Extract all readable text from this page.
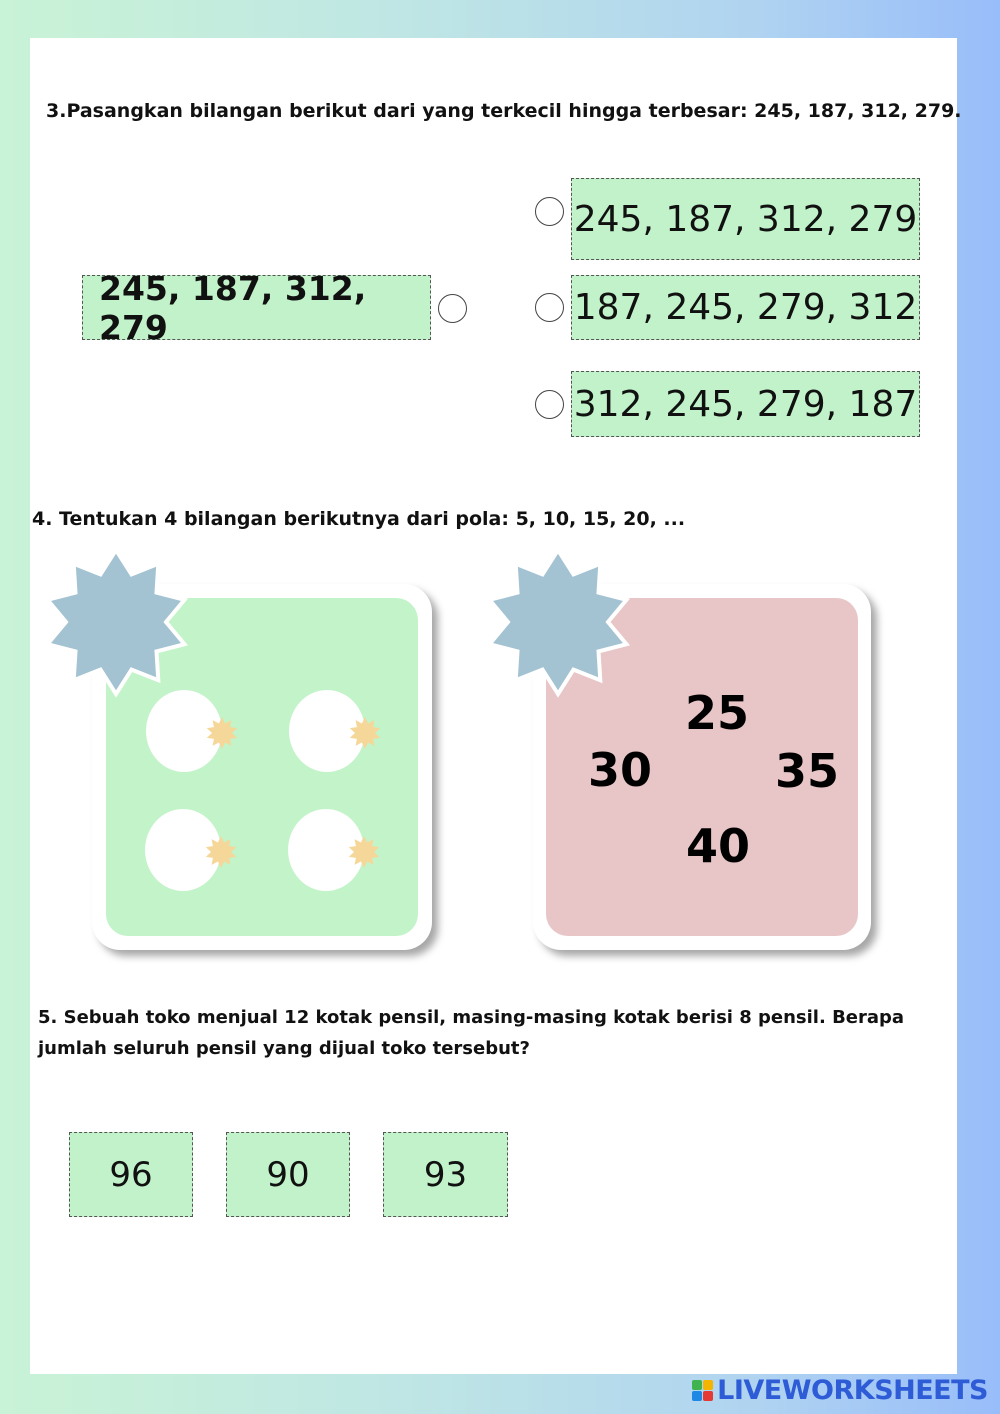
3.Pasangkan bilangan berikut dari yang terkecil hingga terbesar: 245, 187, 312, 279.
245, 187, 312, 279
245, 187, 312, 279
187, 245, 279, 312
312, 245, 279, 187
4. Tentukan 4 bilangan berikutnya dari pola: 5, 10, 15, 20, ...
25
30	35
40
5. Sebuah toko menjual 12 kotak pensil, masing-masing kotak berisi 8 pensil. Berapa jumlah seluruh pensil yang dijual toko tersebut?
96	90	93
LIVEWORKSHEETS
